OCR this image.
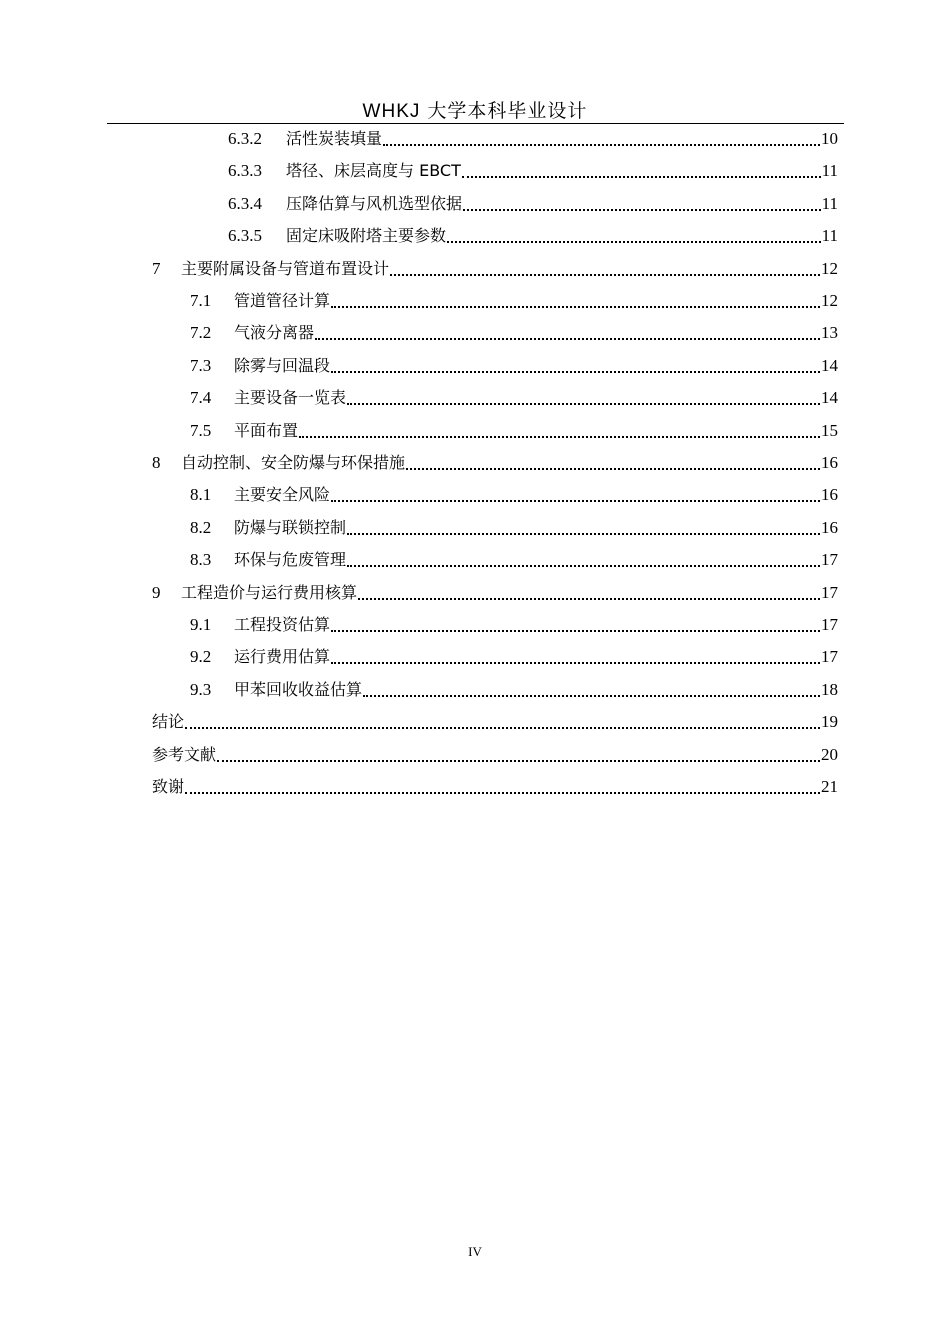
WHKJ 大学本科毕业设计
6.3.2	活性炭装填量	10
6.3.3	塔径、床层高度与 EBCT	11
6.3.4	压降估算与风机选型依据	11
6.3.5	固定床吸附塔主要参数	11
7	主要附属设备与管道布置设计	12
7.1	管道管径计算	12
7.2	气液分离器	13
7.3	除雾与回温段	14
7.4	主要设备一览表	14
7.5	平面布置	15
8	自动控制、安全防爆与环保措施	16
8.1	主要安全风险	16
8.2	防爆与联锁控制	16
8.3	环保与危废管理	17
9	工程造价与运行费用核算	17
9.1	工程投资估算	17
9.2	运行费用估算	17
9.3	甲苯回收收益估算	18
结论	19
参考文献	20
致谢	21
IV
